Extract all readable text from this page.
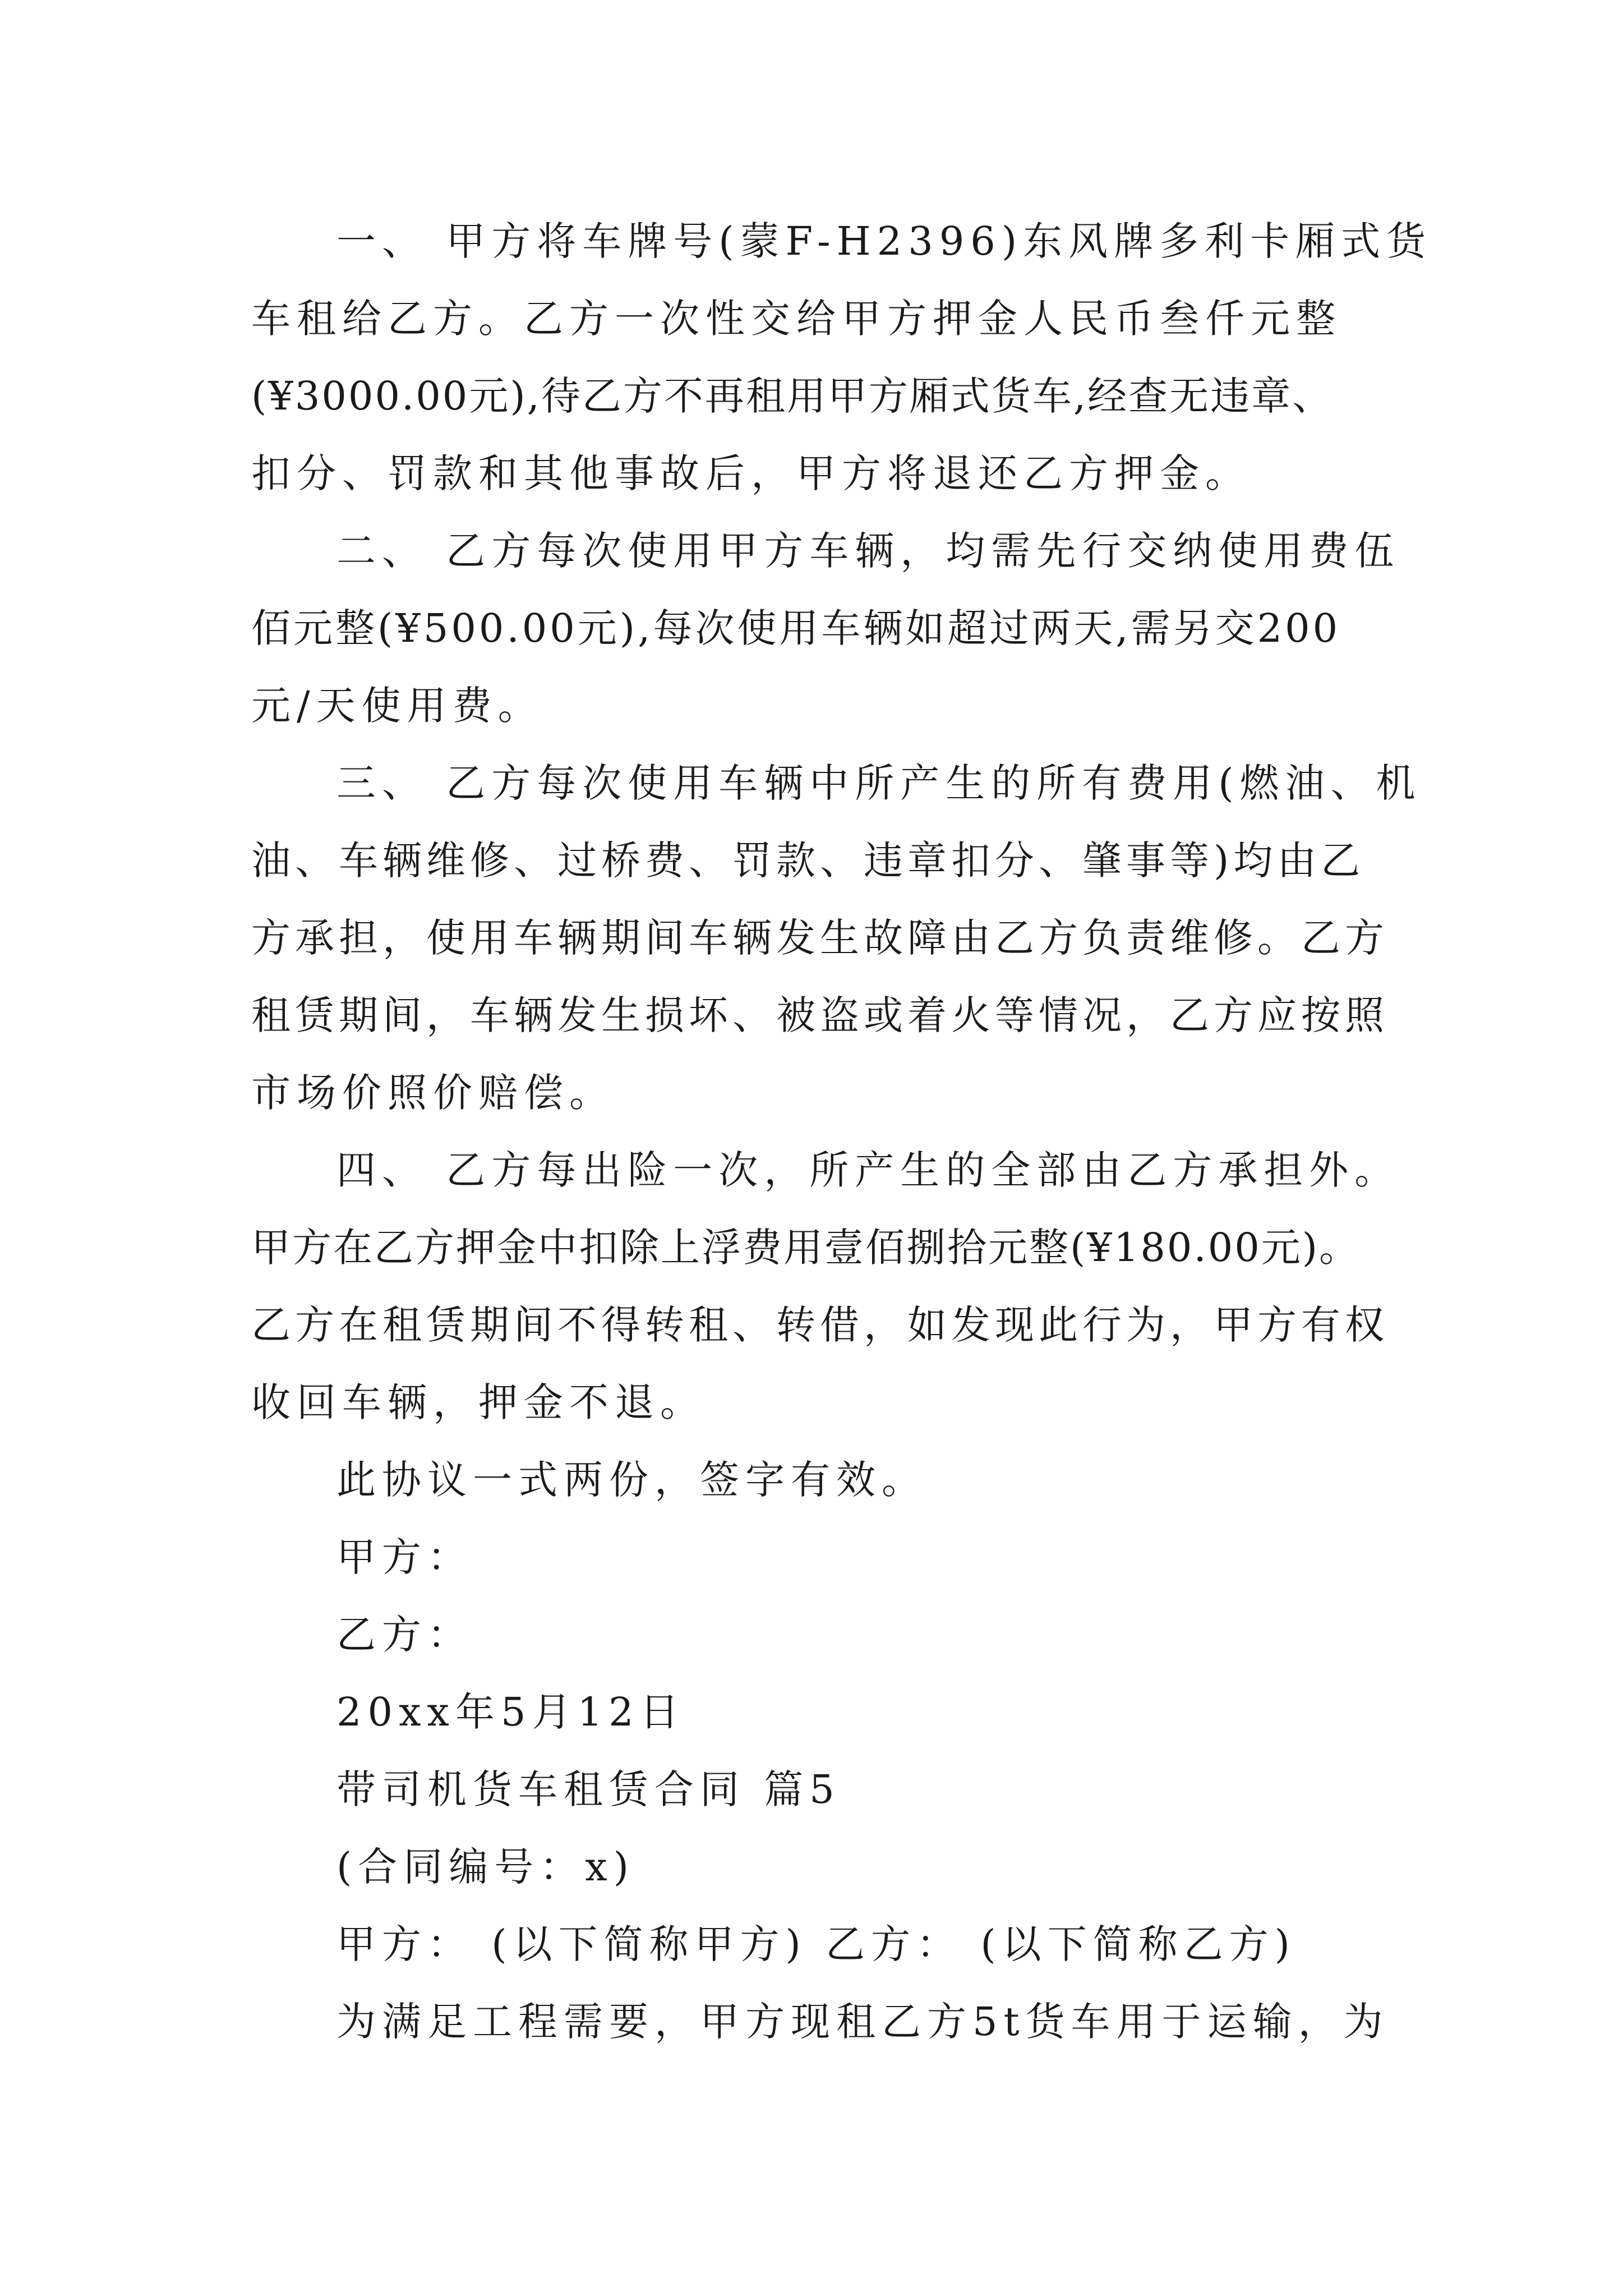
一、 甲方将车牌号(蒙F-H2396)东风牌多利卡厢式货
车租给乙方。乙方一次性交给甲方押金人民币叁仟元整
(¥3000.00元),待乙方不再租用甲方厢式货车,经查无违章、
扣分、罚款和其他事故后，甲方将退还乙方押金。
二、 乙方每次使用甲方车辆，均需先行交纳使用费伍
佰元整(¥500.00元),每次使用车辆如超过两天,需另交200
元/天使用费。
三、 乙方每次使用车辆中所产生的所有费用(燃油、机
油、车辆维修、过桥费、罚款、违章扣分、肇事等)均由乙
方承担，使用车辆期间车辆发生故障由乙方负责维修。乙方
租赁期间，车辆发生损坏、被盗或着火等情况，乙方应按照
市场价照价赔偿。
四、 乙方每出险一次，所产生的全部由乙方承担外。
甲方在乙方押金中扣除上浮费用壹佰捌拾元整(¥180.00元)。
乙方在租赁期间不得转租、转借，如发现此行为，甲方有权
收回车辆，押金不退。
此协议一式两份，签字有效。
甲方：
乙方：
20xx年5月12日
带司机货车租赁合同 篇5
(合同编号：x)
甲方： (以下简称甲方) 乙方： (以下简称乙方)
为满足工程需要，甲方现租乙方5t货车用于运输，为
